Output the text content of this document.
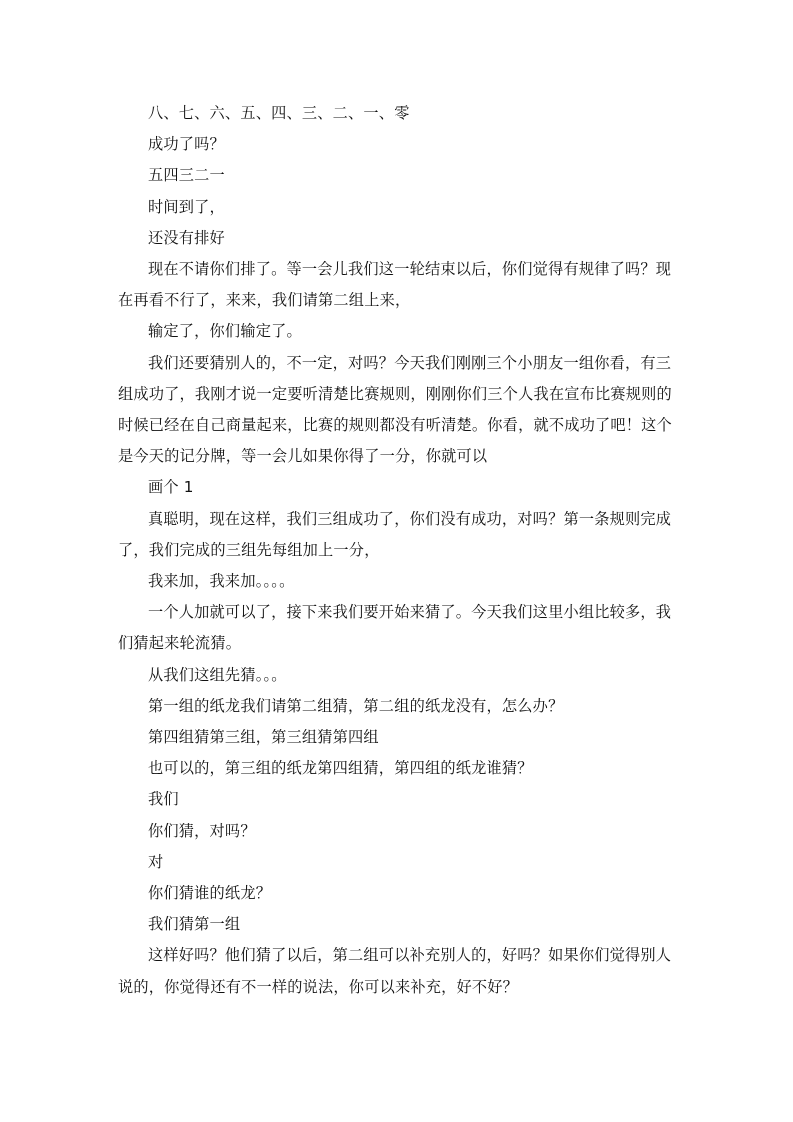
八、七、六、五、四、三、二、一、零

成功了吗？

五四三二一

时间到了，

还没有排好

现在不请你们排了。等一会儿我们这一轮结束以后，你们觉得有规律了吗？现在再看不行了，来来，我们请第二组上来，

输定了，你们输定了。

我们还要猜别人的，不一定，对吗？今天我们刚刚三个小朋友一组你看，有三组成功了，我刚才说一定要听清楚比赛规则，刚刚你们三个人我在宣布比赛规则的时候已经在自己商量起来，比赛的规则都没有听清楚。你看，就不成功了吧！这个是今天的记分牌，等一会儿如果你得了一分，你就可以

画个 1

真聪明，现在这样，我们三组成功了，你们没有成功，对吗？第一条规则完成了，我们完成的三组先每组加上一分，

我来加，我来加。。。。

一个人加就可以了，接下来我们要开始来猜了。今天我们这里小组比较多，我们猜起来轮流猜。

从我们这组先猜。。。

第一组的纸龙我们请第二组猜，第二组的纸龙没有，怎么办？

第四组猜第三组，第三组猜第四组

也可以的，第三组的纸龙第四组猜，第四组的纸龙谁猜？

我们

你们猜，对吗？

对

你们猜谁的纸龙？

我们猜第一组

这样好吗？他们猜了以后，第二组可以补充别人的，好吗？如果你们觉得别人说的，你觉得还有不一样的说法，你可以来补充，好不好？
